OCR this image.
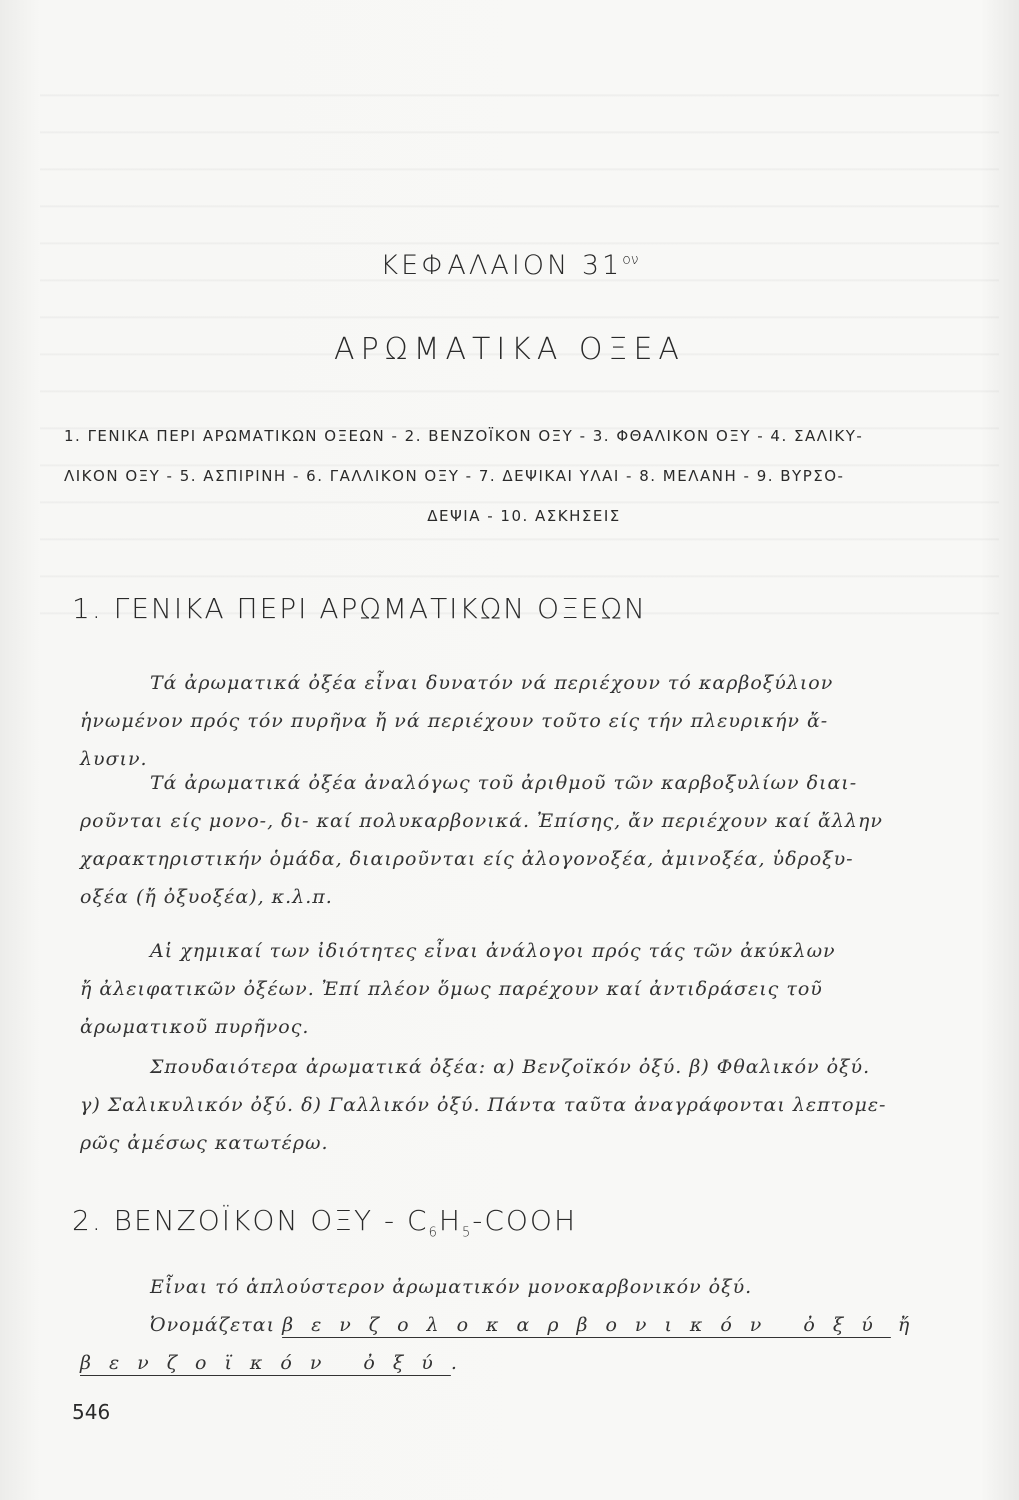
ΚΕΦΑΛΑΙΟΝ $31^{o\nu}$
ΑΡΩΜΑΤΙΚΑ ΟΞΕΑ
1. ΓΕΝΙΚΑ ΠΕΡΙ ΑΡΩΜΑΤΙΚΩΝ ΟΞΕΩΝ - 2. ΒΕΝΖΟΪΚΟΝ ΟΞΥ - 3. ΦΘΑΛΙΚΟΝ ΟΞΥ - 4. ΣΑΛΙΚΥ-
ΛΙΚΟΝ ΟΞΥ - 5. ΑΣΠΙΡΙΝΗ - 6. ΓΑΛΛΙΚΟΝ ΟΞΥ - 7. ΔΕΨΙΚΑΙ ΥΛΑΙ - 8. ΜΕΛΑΝΗ - 9. ΒΥΡΣΟ-
ΔΕΨΙΑ - 10. ΑΣΚΗΣΕΙΣ
1. ΓΕΝΙΚΑ ΠΕΡΙ ΑΡΩΜΑΤΙΚΩΝ ΟΞΕΩΝ
Τά ἀρωματικά ὀξέα εἶναι δυνατόν νά περιέχουν τό καρβοξύλιον
ἡνωμένον πρός τόν πυρῆνα ἤ νά περιέχουν τοῦτο είς τήν πλευρικήν ἄ-
λυσιν.
Τά ἀρωματικά ὀξέα ἀναλόγως τοῦ ἀριθμοῦ τῶν καρβοξυλίων διαι-
ροῦνται είς μονο-, δι- καί πολυκαρβονικά. Ἐπίσης, ἄν περιέχουν καί ἄλλην
χαρακτηριστικήν ὁμάδα, διαιροῦνται είς ἀλογονοξέα, ἀμινοξέα, ὑδροξυ-
οξέα (ἤ ὀξυοξέα), κ.λ.π.
Αἱ χημικαί των ἰδιότητες εἶναι ἀνάλογοι πρός τάς τῶν ἀκύκλων
ἤ ἀλειφατικῶν ὀξέων. Ἐπί πλέον ὅμως παρέχουν καί ἀντιδράσεις τοῦ
ἀρωματικοῦ πυρῆνος.
Σπουδαιότερα ἀρωματικά ὀξέα: α) Βενζοϊκόν ὀξύ. β) Φθαλικόν ὀξύ.
γ) Σαλικυλικόν ὀξύ. δ) Γαλλικόν ὀξύ. Πάντα ταῦτα ἀναγράφονται λεπτομε-
ρῶς ἀμέσως κατωτέρω.
2. ΒΕΝΖΟΪΚΟΝ ΟΞΥ - $C_6H_5$-COOH
Εἶναι τό ἁπλούστερον ἀρωματικόν μονοκαρβονικόν ὀξύ.
Ὀνομάζεται βενζολοκαρβονικόν ὀξύ ἤ
βενζοϊκόν ὀξύ.
546
